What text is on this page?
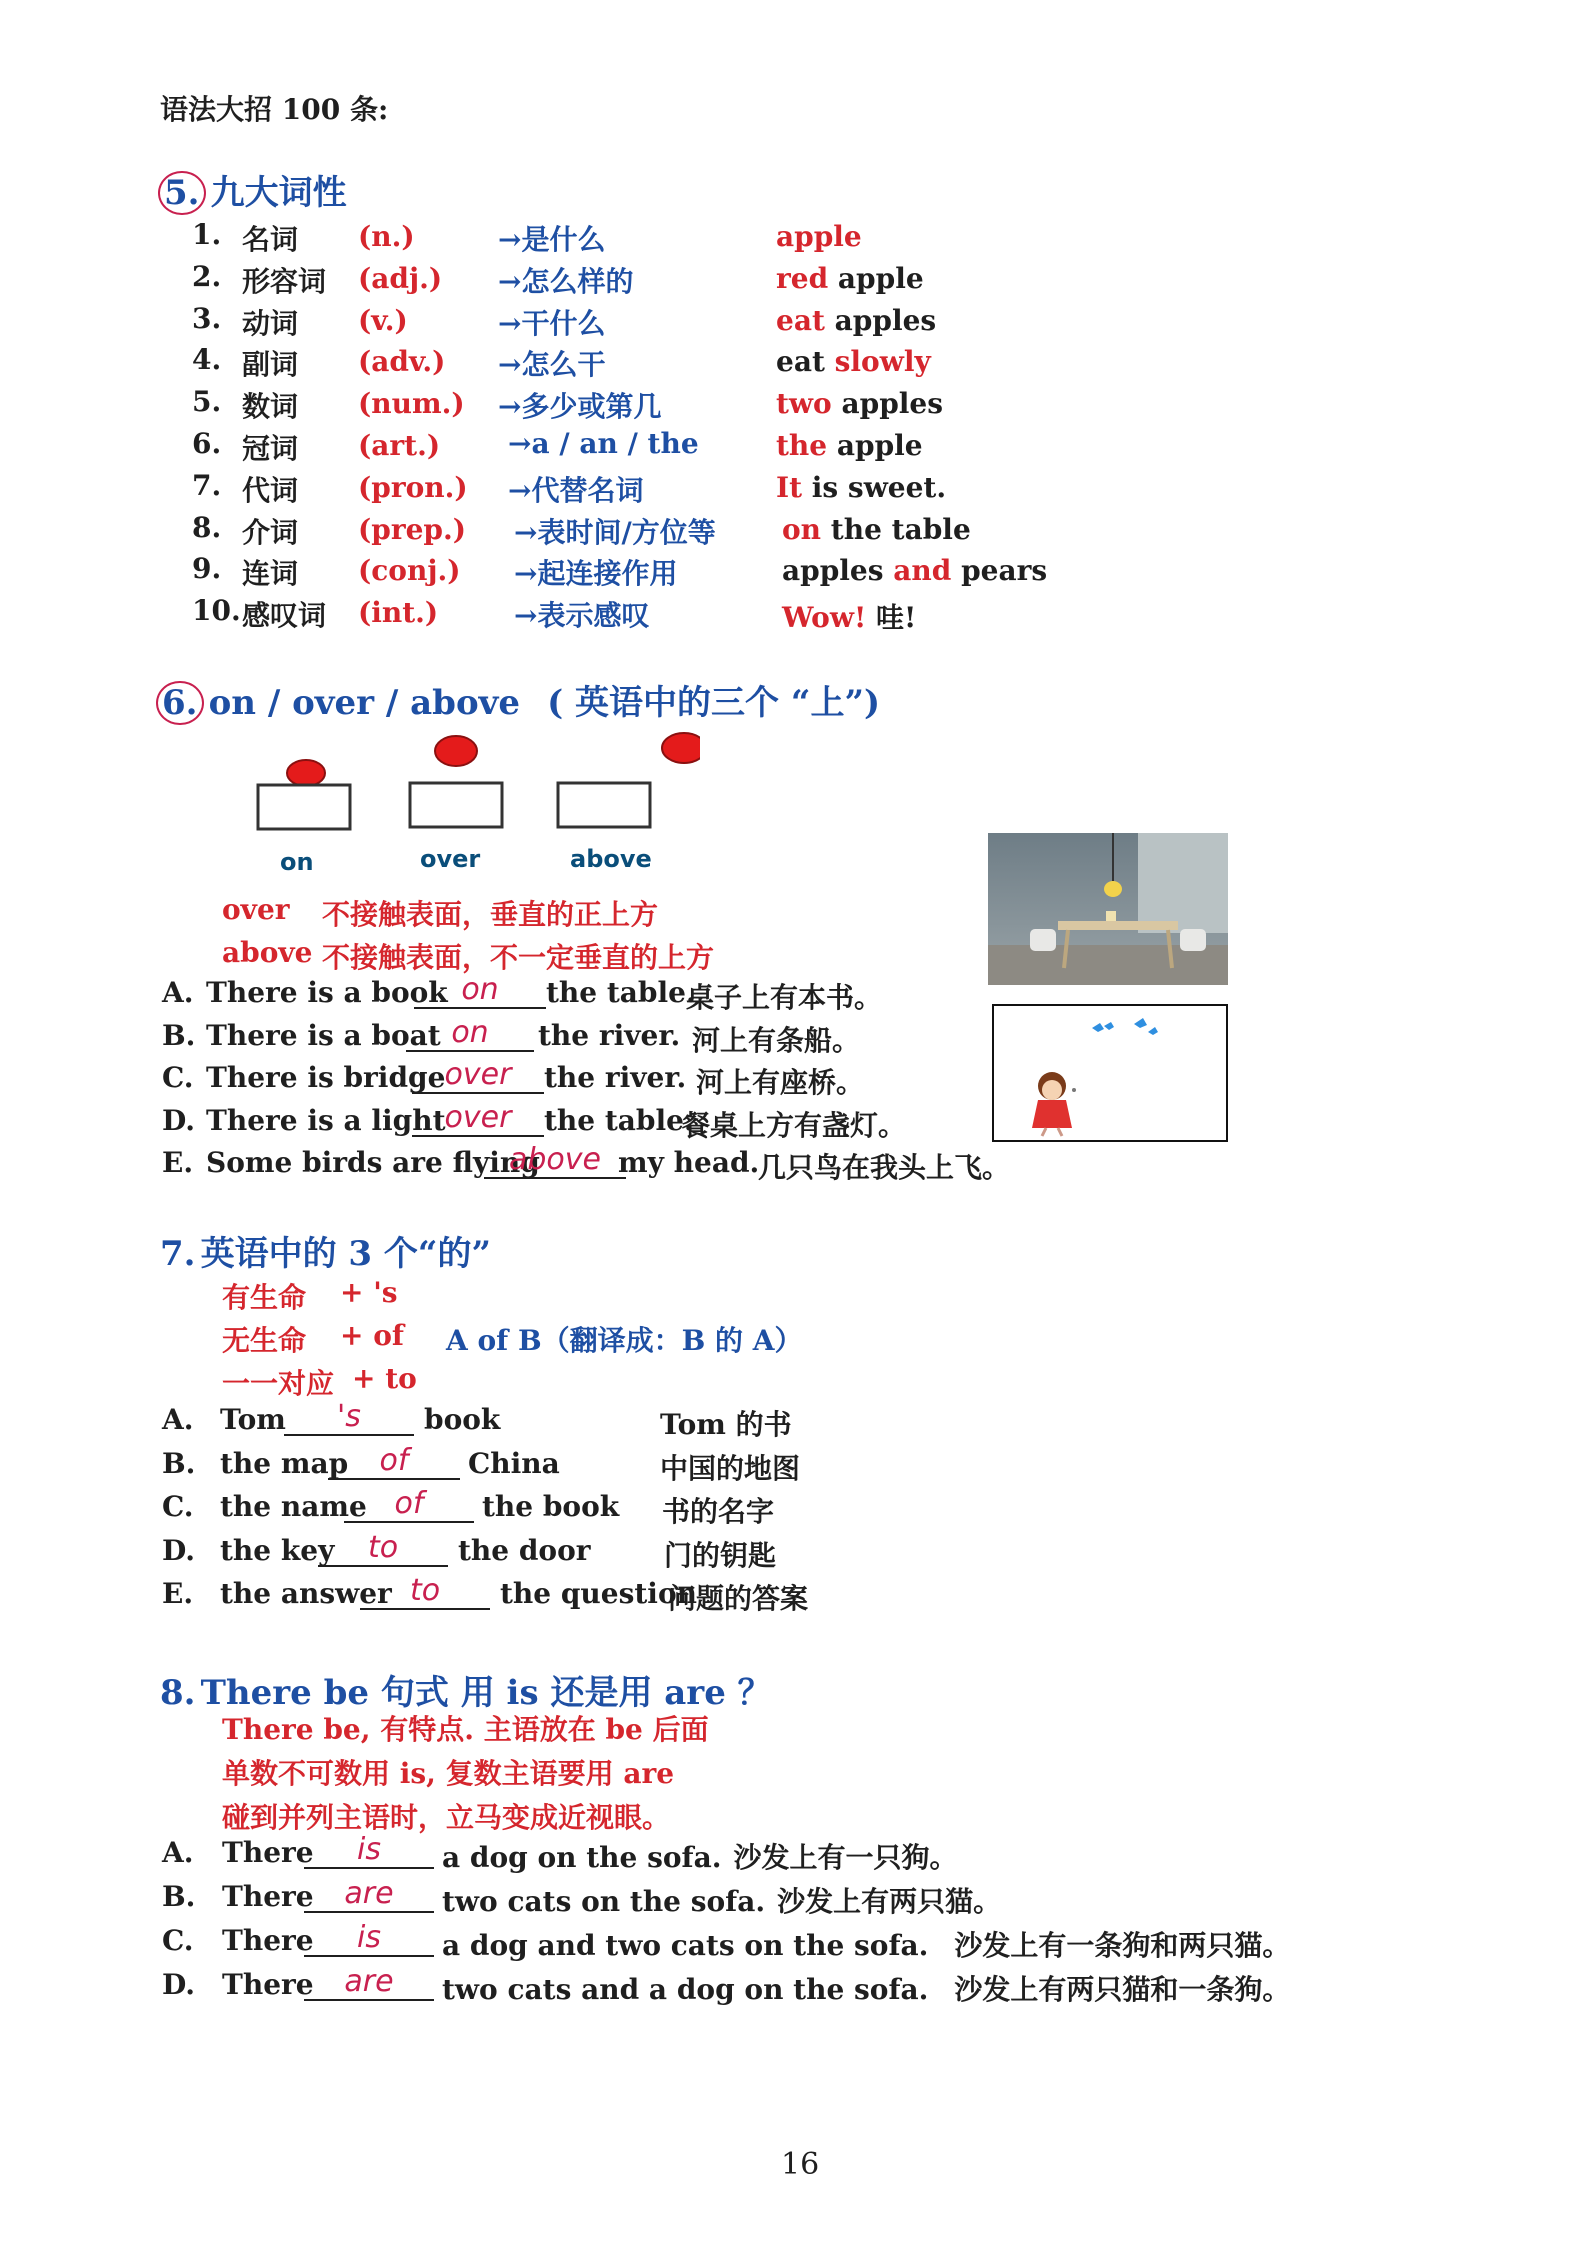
语法大招 100 条:
5. 九大词性
1. 名词 (n.)	→是什么	apple
2. 形容词 (adj.) →怎么样的	red apple
3. 动词 (v.)	→干什么	eat apples
4. 副词 (adv.) →怎么干	eat slowly
5. 数词 (num.) →多少或第几	two apples
6. 冠词 (art.) →a / an / the	the apple
7. 代词 (pron.) →代替名词	It is sweet.
8. 介词 (prep.) →表时间/方位等 on the table
9. 连词 (conj.) →起连接作用	apples and pears
10. 感叹词 (int.)	→表示感叹	Wow! 哇!
6. on / over / above ( 英语中的三个 “上”)
on	over	above
over 不接触表面，垂直的正上方
above 不接触表面，不一定垂直的上方
A. There is a book on	the table.
桌子上有本书。
B. There is a boat on	the river. 河上有条船。
C. There is bridge over	the river. 河上有座桥。
D. There is a light over	the table.
餐桌上方有盏灯。
E. Some birds are flying
above my head.
几只鸟在我头上飞。
7. 英语中的 3 个“的”
有生命 + 's
无生命 + of A of B（翻译成：B 的 A）
一一对应 + to
A. Tom	's	book	Tom 的书
B. the map	of	China	中国的地图
C. the name of	the book 书的名字
D. the key	to	the door	门的钥匙
E. the answer to	the question
问题的答案
8. There be 句式 用 is 还是用 are ？
There be, 有特点. 主语放在 be 后面
单数不可数用 is, 复数主语要用 are
碰到并列主语时，立马变成近视眼。
A. There	is	a dog on the sofa. 沙发上有一只狗。
B. There	are	two cats on the sofa. 沙发上有两只猫。
C. There	is	a dog and two cats on the sofa. 沙发上有一条狗和两只猫。
D. There	are	two cats and a dog on the sofa. 沙发上有两只猫和一条狗。
16
